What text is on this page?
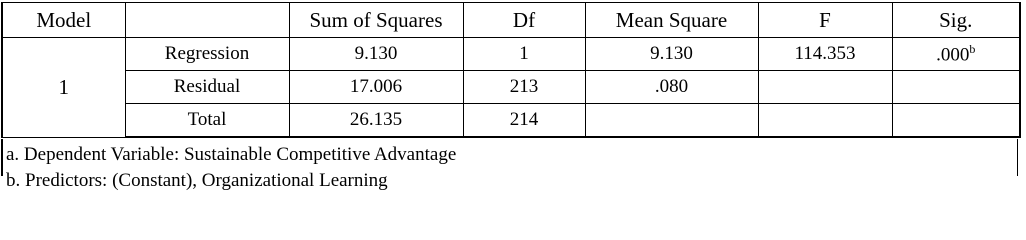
Model		Sum of Squares	Df	Mean Square	F	Sig.
1	Regression	9.130	1	9.130	114.353	.000$^b$
	Residual	17.006	213	.080		
	Total	26.135	214			
a. Dependent Variable: Sustainable Competitive Advantage
b. Predictors: (Constant), Organizational Learning
